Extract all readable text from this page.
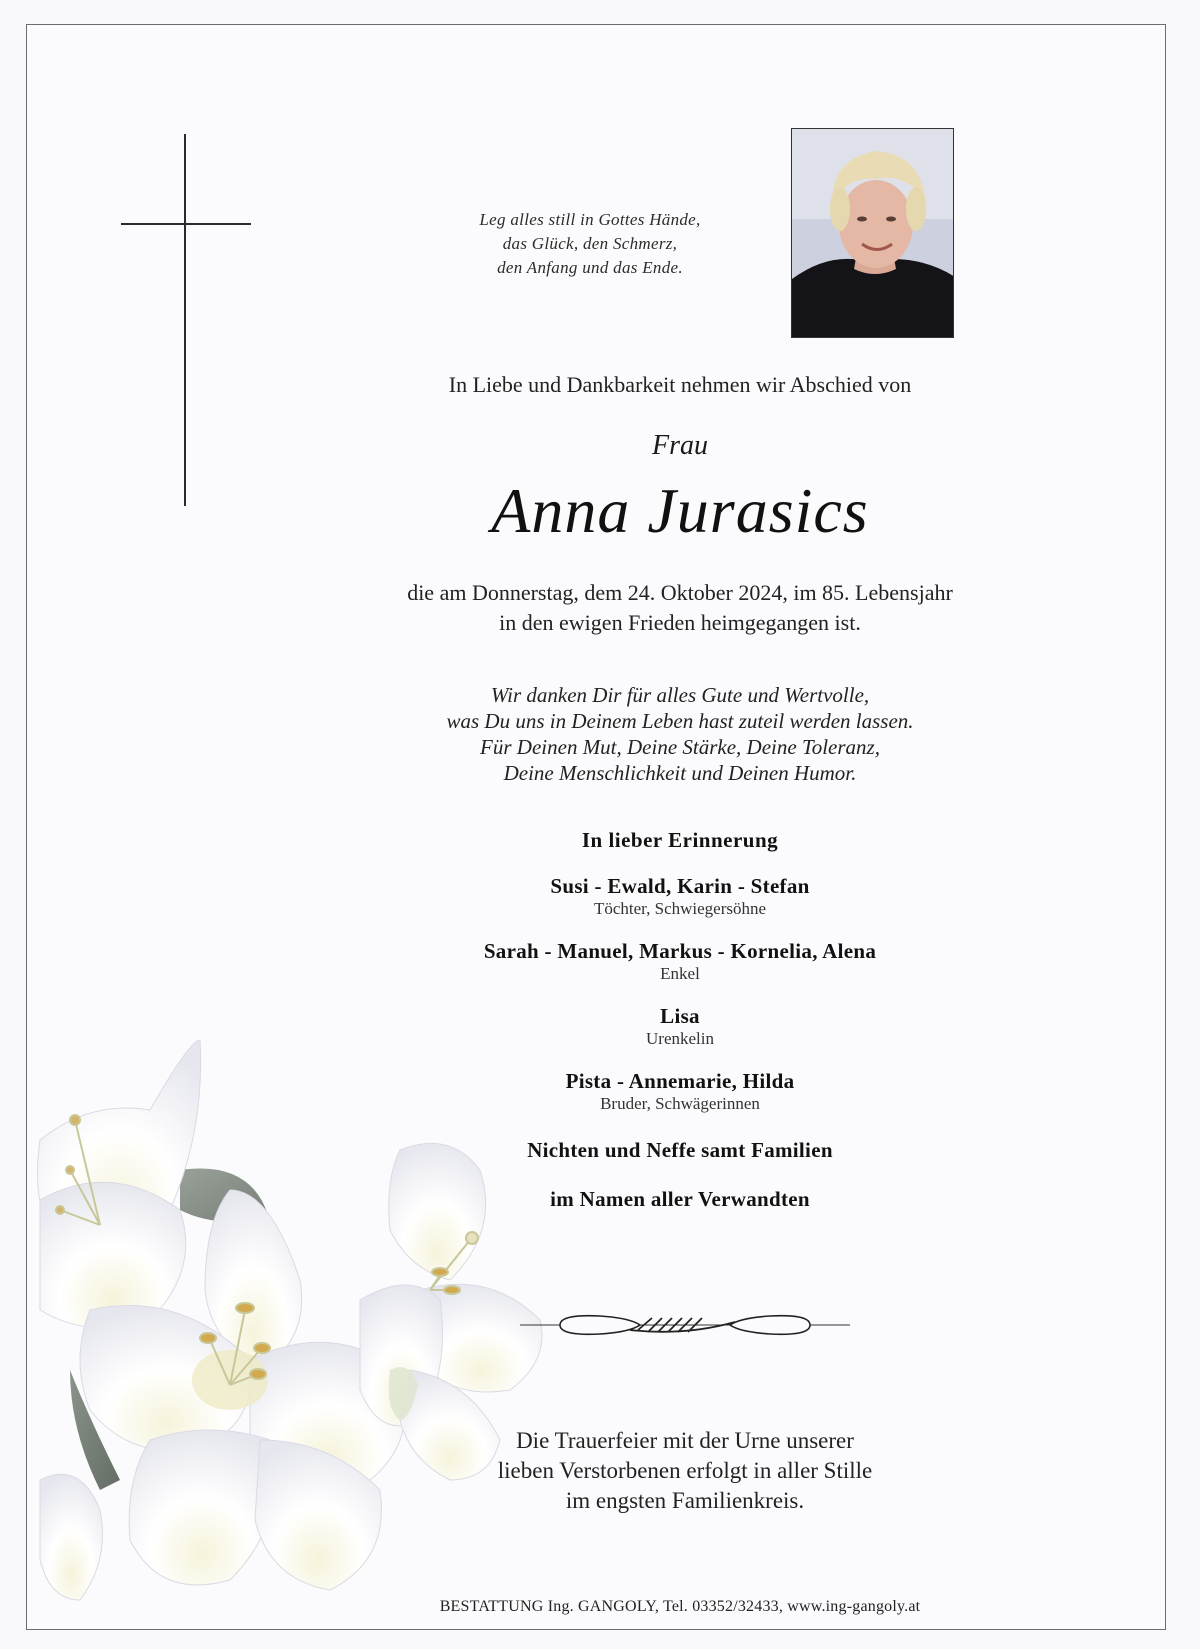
Leg alles still in Gottes Hände,
das Glück, den Schmerz,
den Anfang und das Ende.
In Liebe und Dankbarkeit nehmen wir Abschied von
Frau
Anna Jurasics
die am Donnerstag, dem 24. Oktober 2024, im 85. Lebensjahr
in den ewigen Frieden heimgegangen ist.
Wir danken Dir für alles Gute und Wertvolle,
was Du uns in Deinem Leben hast zuteil werden lassen.
Für Deinen Mut, Deine Stärke, Deine Toleranz,
Deine Menschlichkeit und Deinen Humor.
In lieber Erinnerung
Susi - Ewald, Karin - Stefan
Töchter, Schwiegersöhne
Sarah - Manuel, Markus - Kornelia, Alena
Enkel
Lisa
Urenkelin
Pista - Annemarie, Hilda
Bruder, Schwägerinnen
Nichten und Neffe samt Familien
im Namen aller Verwandten
Die Trauerfeier mit der Urne unserer
lieben Verstorbenen erfolgt in aller Stille
im engsten Familienkreis.
BESTATTUNG Ing. GANGOLY, Tel. 03352/32433, www.ing-gangoly.at
